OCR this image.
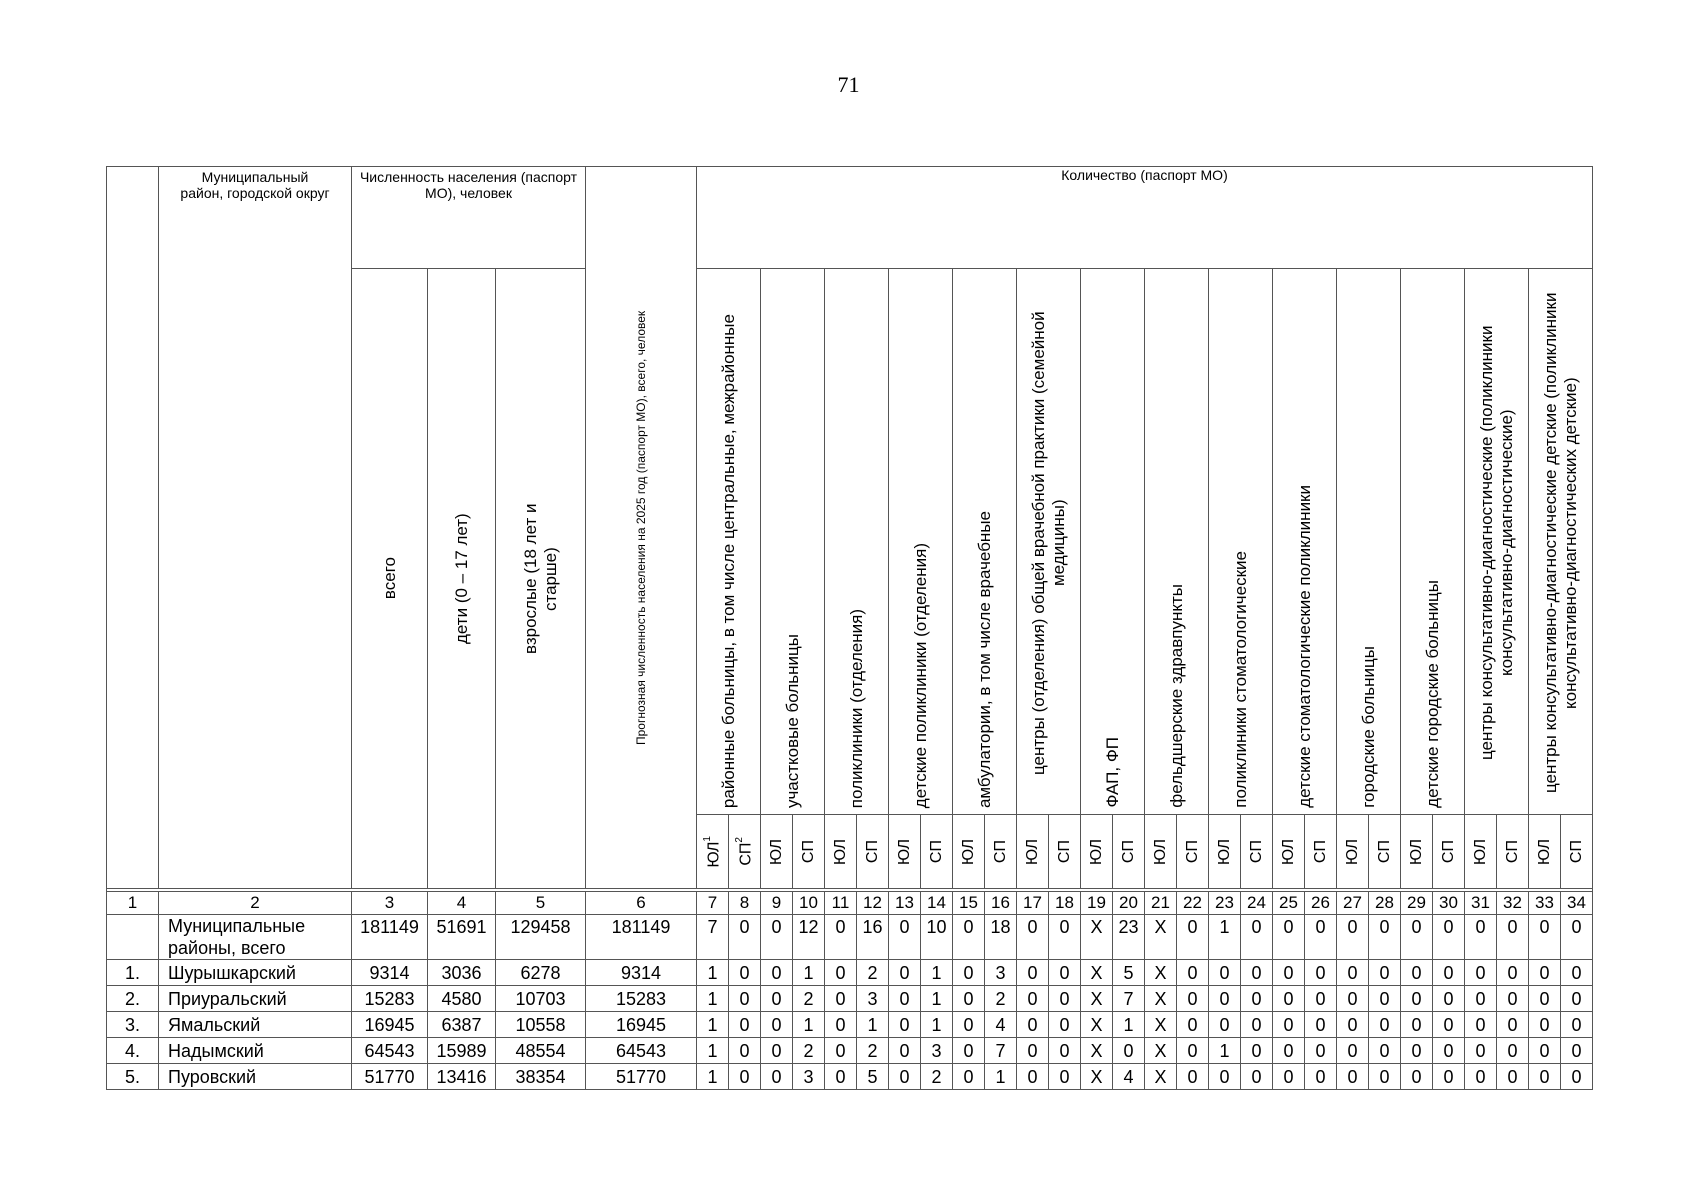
71

	Муниципальный район, городской округ	Численность населения (паспорт МО), человек			Прогнозная численность населения на 2025 год (паспорт МО), всего, человек	Количество (паспорт МО)																											

		всего	дети (0 – 17 лет)	взрослые (18 лет и старше)		районные больницы, в том числе центральные, межрайонные		участковые больницы		поликлиники (отделения)		детские поликлиники (отделения)		амбулатории, в том числе врачебные		центры (отделения) общей врачебной практики (семейной медицины)		ФАП, ФП		фельдшерские здравпункты		поликлиники стоматологические		детские стоматологические поликлиники		городские больницы		детские городские больницы		центры консультативно-диагностические (поликлиники консультативно-диагностические)		центры консультативно-диагностические детские (поликлиники консультативно-диагностических детские)	

						$ЮЛ^1$	$СП^2$	ЮЛ	СП	ЮЛ	СП	ЮЛ	СП	ЮЛ	СП	ЮЛ	СП	ЮЛ	СП	ЮЛ	СП	ЮЛ	СП	ЮЛ	СП	ЮЛ	СП	ЮЛ	СП	ЮЛ	СП	ЮЛ	СП

1	2	3	4	5	6	7	8	9	10	11	12	13	14	15	16	17	18	19	20	21	22	23	24	25	26	27	28	29	30	31	32	33	34
	Муниципальные районы, всего	181149	51691	129458	181149	7	0	0	12	0	16	0	10	0	18	0	0	Х	23	Х	0	1	0	0	0	0	0	0	0	0	0	0	0
1.	Шурышкарский	9314	3036	6278	9314	1	0	0	1	0	2	0	1	0	3	0	0	Х	5	Х	0	0	0	0	0	0	0	0	0	0	0	0	0
2.	Приуральский	15283	4580	10703	15283	1	0	0	2	0	3	0	1	0	2	0	0	Х	7	Х	0	0	0	0	0	0	0	0	0	0	0	0	0
3.	Ямальский	16945	6387	10558	16945	1	0	0	1	0	1	0	1	0	4	0	0	Х	1	Х	0	0	0	0	0	0	0	0	0	0	0	0	0
4.	Надымский	64543	15989	48554	64543	1	0	0	2	0	2	0	3	0	7	0	0	Х	0	Х	0	1	0	0	0	0	0	0	0	0	0	0	0
5.	Пуровский	51770	13416	38354	51770	1	0	0	3	0	5	0	2	0	1	0	0	Х	4	Х	0	0	0	0	0	0	0	0	0	0	0	0	0
